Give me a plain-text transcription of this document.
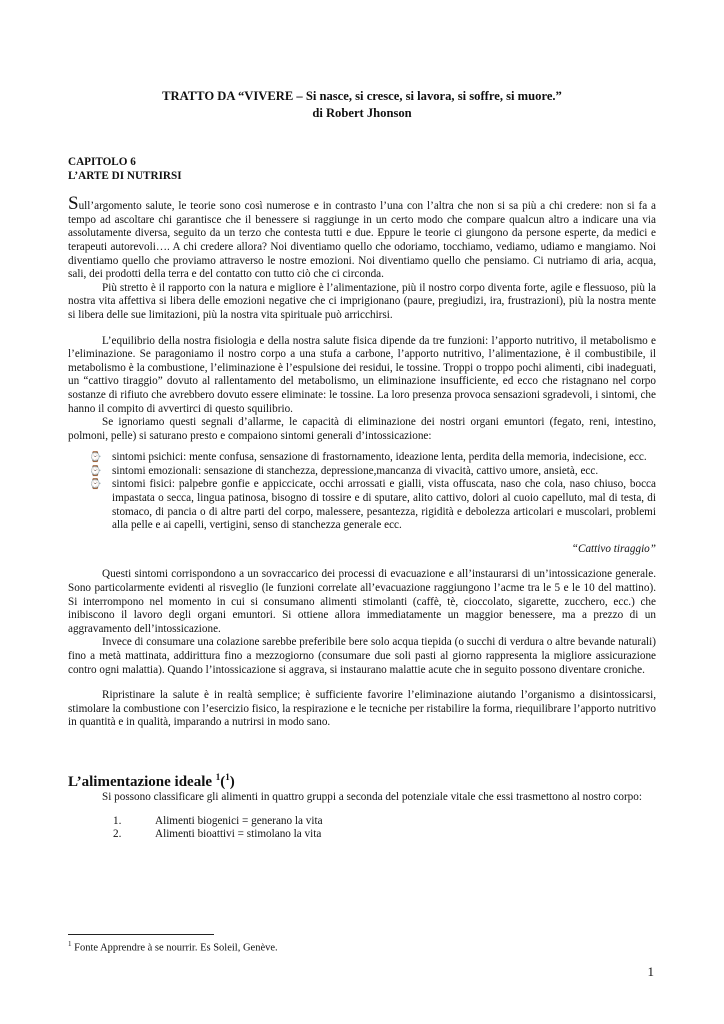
TRATTO DA “VIVERE – Si nasce, si cresce, si lavora, si soffre, si muore.”
di Robert Jhonson
CAPITOLO 6
L’ARTE DI NUTRIRSI

Sull’argomento salute, le teorie sono così numerose e in contrasto l’una con l’altra che non si sa più a chi credere: non si fa a tempo ad ascoltare chi garantisce che il benessere si raggiunge in un certo modo che compare qualcun altro a indicare una via assolutamente diversa, seguito da un terzo che contesta tutti e due. Eppure le teorie ci giungono da persone esperte, da medici e terapeuti autorevoli…. A chi credere allora? Noi diventiamo quello che odoriamo, tocchiamo, vediamo, udiamo e mangiamo. Noi diventiamo quello che proviamo attraverso le nostre emozioni. Noi diventiamo quello che pensiamo. Ci nutriamo di aria, acqua, sali, dei prodotti della terra e del contatto con tutto ciò che ci circonda.

Più stretto è il rapporto con la natura e migliore è l’alimentazione, più il nostro corpo diventa forte, agile e flessuoso, più la nostra vita affettiva si libera delle emozioni negative che ci imprigionano (paure, pregiudizi, ira, frustrazioni), più la nostra mente si libera delle sue limitazioni, più la nostra vita spirituale può arricchirsi.

L’equilibrio della nostra fisiologia e della nostra salute fisica dipende da tre funzioni: l’apporto nutritivo, il metabolismo e l’eliminazione. Se paragoniamo il nostro corpo a una stufa a carbone, l’apporto nutritivo, l’alimentazione, è il combustibile, il metabolismo è la combustione, l’eliminazione è l’espulsione dei residui, le tossine. Troppi o troppo pochi alimenti, cibi inadeguati, un “cattivo tiraggio” dovuto al rallentamento del metabolismo, un eliminazione insufficiente, ed ecco che ristagnano nel corpo sostanze di rifiuto che avrebbero dovuto essere eliminate: le tossine. La loro presenza provoca sensazioni sgradevoli, i sintomi, che hanno il compito di avvertirci di questo squilibrio.

Se ignoriamo questi segnali d’allarme, le capacità di eliminazione dei nostri organi emuntori (fegato, reni, intestino, polmoni, pelle) si saturano presto e compaiono sintomi generali d’intossicazione:

⌚ sintomi psichici: mente confusa, sensazione di frastornamento, ideazione lenta, perdita della memoria, indecisione, ecc.
⌚ sintomi emozionali: sensazione di stanchezza, depressione,mancanza di vivacità, cattivo umore, ansietà, ecc.
⌚ sintomi fisici: palpebre gonfie e appiccicate, occhi arrossati e gialli, vista offuscata, naso che cola, naso chiuso, bocca impastata o secca, lingua patinosa, bisogno di tossire e di sputare, alito cattivo, dolori al cuoio capelluto, mal di testa, di stomaco, di pancia o di altre parti del corpo, malessere, pesantezza, rigidità e debolezza articolari e muscolari, problemi alla pelle e ai capelli, vertigini, senso di stanchezza generale ecc.
“Cattivo tiraggio”

Questi sintomi corrispondono a un sovraccarico dei processi di evacuazione e all’instaurarsi di un’intossicazione generale. Sono particolarmente evidenti al risveglio (le funzioni correlate all’evacuazione raggiungono l’acme tra le 5 e le 10 del mattino). Si interrompono nel momento in cui si consumano alimenti stimolanti (caffè, tè, cioccolato, sigarette, zucchero, ecc.) che inibiscono il lavoro degli organi emuntori. Si ottiene allora immediatamente un maggior benessere, ma a prezzo di un aggravamento dell’intossicazione.

Invece di consumare una colazione sarebbe preferibile bere solo acqua tiepida (o succhi di verdura o altre bevande naturali) fino a metà mattinata, addirittura fino a mezzogiorno (consumare due soli pasti al giorno rappresenta la migliore assicurazione contro ogni malattia). Quando l’intossicazione si aggrava, si instaurano malattie acute che in seguito possono diventare croniche.

Ripristinare la salute è in realtà semplice; è sufficiente favorire l’eliminazione aiutando l’organismo a disintossicarsi, stimolare la combustione con l’esercizio fisico, la respirazione e le tecniche per ristabilire la forma, riequilibrare l’apporto nutritivo in quantità e in qualità, imparando a nutrirsi in modo sano.

L’alimentazione ideale $^1$($^1$)

Si possono classificare gli alimenti in quattro gruppi a seconda del potenziale vitale che essi trasmettono al nostro corpo:

1.	Alimenti biogenici = generano la vita
2.	Alimenti bioattivi = stimolano la vita
$^1$ Fonte Apprendre à se nourrir. Es Soleil, Genève.
1
